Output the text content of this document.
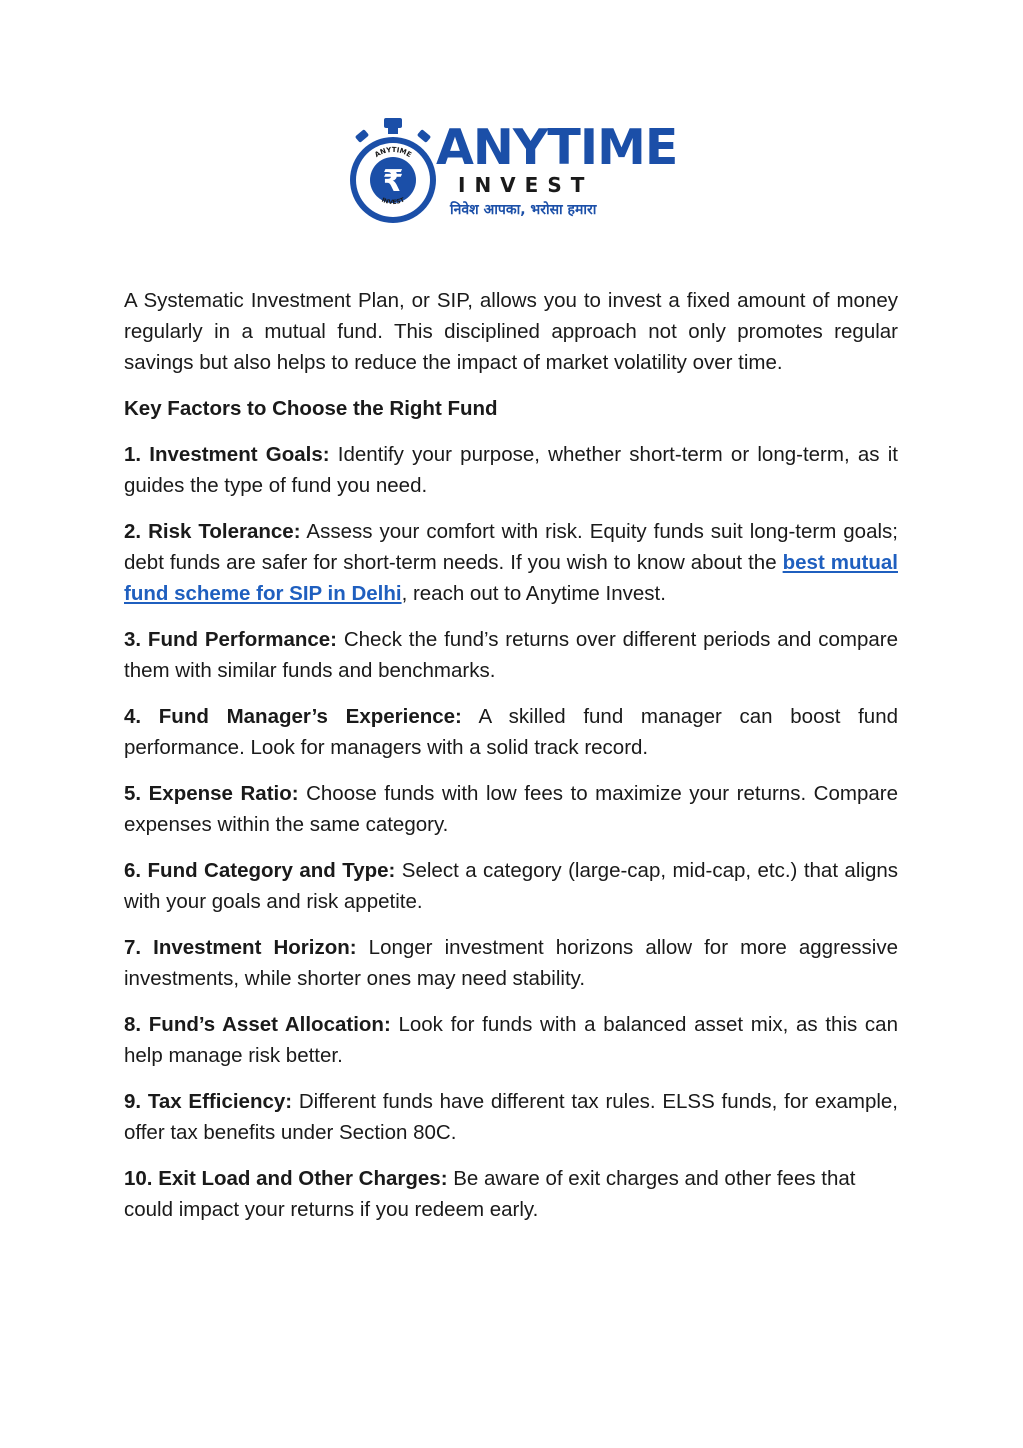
ANYTIME
INVEST
₹
ANYTIME
INVEST
निवेश आपका, भरोसा हमारा

A Systematic Investment Plan, or SIP, allows you to invest a fixed amount of money regularly in a mutual fund. This disciplined approach not only promotes regular savings but also helps to reduce the impact of market volatility over time.

Key Factors to Choose the Right Fund

1. Investment Goals: Identify your purpose, whether short-term or long-term, as it guides the type of fund you need.

2. Risk Tolerance: Assess your comfort with risk. Equity funds suit long-term goals; debt funds are safer for short-term needs. If you wish to know about the best mutual fund scheme for SIP in Delhi, reach out to Anytime Invest.

3. Fund Performance: Check the fund’s returns over different periods and compare them with similar funds and benchmarks.

4. Fund Manager’s Experience: A skilled fund manager can boost fund performance. Look for managers with a solid track record.

5. Expense Ratio: Choose funds with low fees to maximize your returns. Compare expenses within the same category.

6. Fund Category and Type: Select a category (large-cap, mid-cap, etc.) that aligns with your goals and risk appetite.

7. Investment Horizon: Longer investment horizons allow for more aggressive investments, while shorter ones may need stability.

8. Fund’s Asset Allocation: Look for funds with a balanced asset mix, as this can help manage risk better.

9. Tax Efficiency: Different funds have different tax rules. ELSS funds, for example, offer tax benefits under Section 80C.

10. Exit Load and Other Charges: Be aware of exit charges and other fees that could impact your returns if you redeem early.
